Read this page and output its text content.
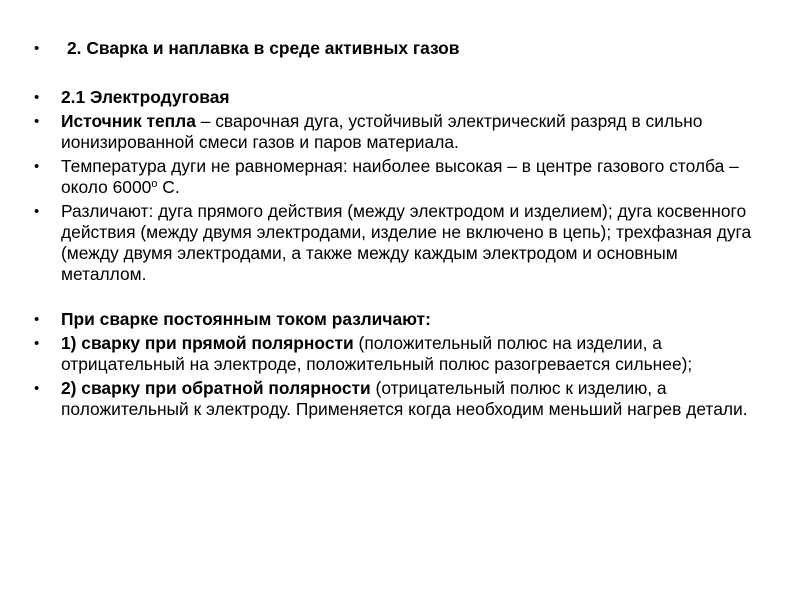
•	2. Сварка и наплавка в среде активных газов
•	2.1 Электродуговая
•	Источник тепла – сварочная дуга, устойчивый электрический разряд в сильно ионизированной смеси газов и паров материала.
•	Температура дуги не равномерная: наиболее высокая – в центре газового столба – около $6000^о$ С.
•	Различают: дуга прямого действия (между электродом и изделием); дуга косвенного действия (между двумя электродами, изделие не включено в цепь); трехфазная дуга (между двумя электродами, а также между каждым электродом и основным металлом.
•	При сварке постоянным током различают:
•	1) сварку при прямой полярности (положительный полюс на изделии, а отрицательный на электроде, положительный полюс разогревается сильнее);
•	2) сварку при обратной полярности (отрицательный полюс к изделию, а положительный к электроду. Применяется когда необходим меньший нагрев детали.
